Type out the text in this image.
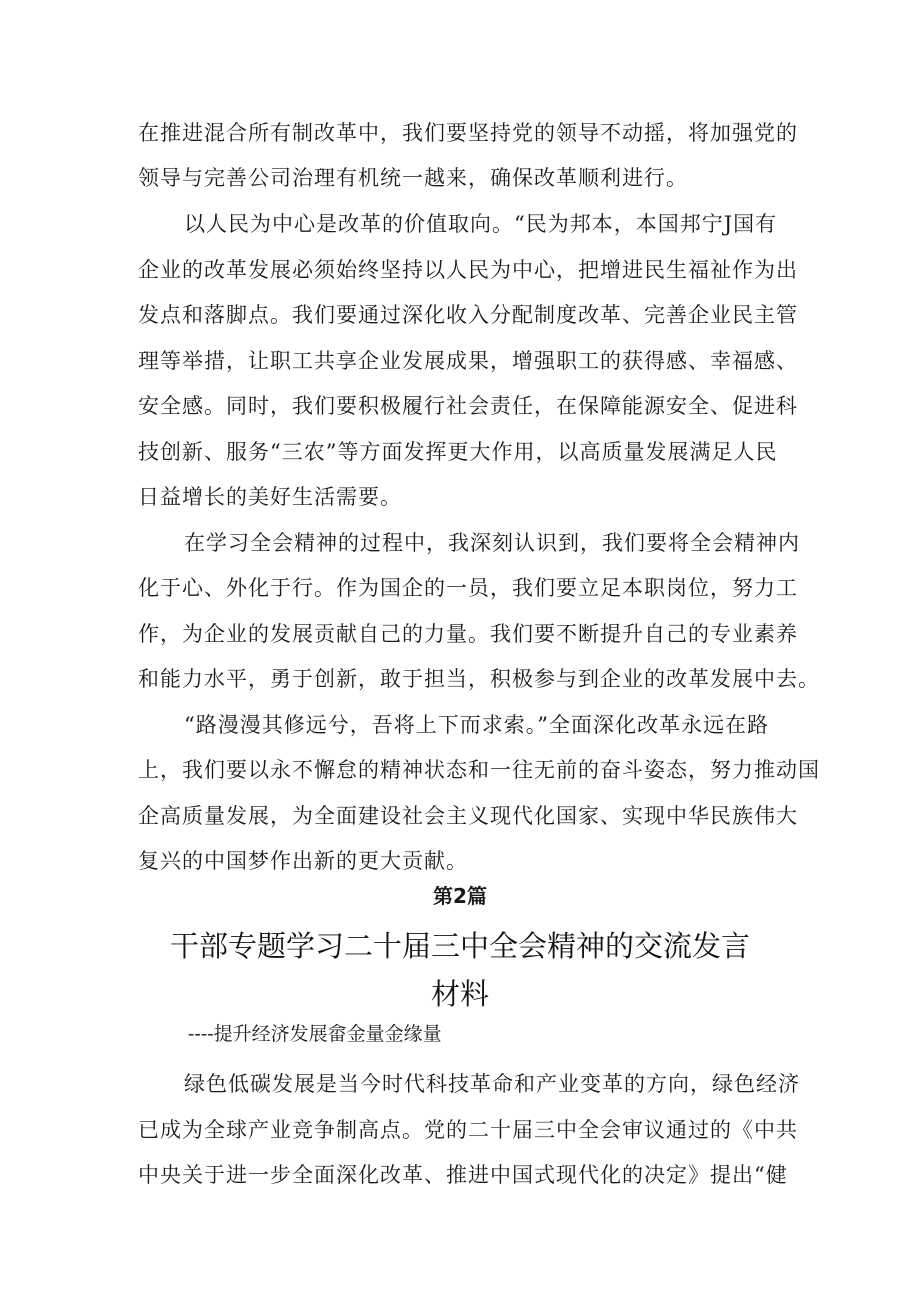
在推进混合所有制改革中，我们要坚持党的领导不动摇，将加强党的
领导与完善公司治理有机统一越来，确保改革顺利进行。
以人民为中心是改革的价值取向。“民为邦本，本国邦宁J国有
企业的改革发展必须始终坚持以人民为中心，把增进民生福祉作为出
发点和落脚点。我们要通过深化收入分配制度改革、完善企业民主管
理等举措，让职工共享企业发展成果，增强职工的获得感、幸福感、
安全感。同时，我们要积极履行社会责任，在保障能源安全、促进科
技创新、服务“三农”等方面发挥更大作用，以高质量发展满足人民
日益增长的美好生活需要。
在学习全会精神的过程中，我深刻认识到，我们要将全会精神内
化于心、外化于行。作为国企的一员，我们要立足本职岗位，努力工
作，为企业的发展贡献自己的力量。我们要不断提升自己的专业素养
和能力水平，勇于创新，敢于担当，积极参与到企业的改革发展中去。
“路漫漫其修远兮，吾将上下而求索。”全面深化改革永远在路
上，我们要以永不懈怠的精神状态和一往无前的奋斗姿态，努力推动国
企高质量发展，为全面建设社会主义现代化国家、实现中华民族伟大
复兴的中国梦作出新的更大贡献。
第2篇
干部专题学习二十届三中全会精神的交流发言
材料
----提升经济发展畲金量金缘量
绿色低碳发展是当今时代科技革命和产业变革的方向，绿色经济
已成为全球产业竞争制高点。党的二十届三中全会审议通过的《中共
中央关于进一步全面深化改革、推进中国式现代化的决定》提出“健
